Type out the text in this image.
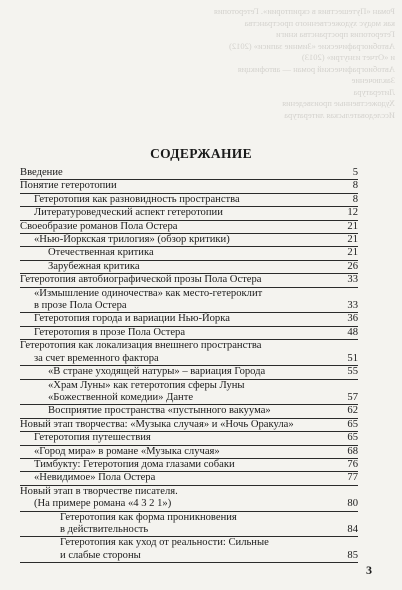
Роман «Путешествия в скриптории». Гетеротопия
как модус художественного пространства
Гетеротопия пространства книги
Автобиографические «Зимние записи» (2012)
и «Отчет изнутри» (2013)
Автобиографический роман — автофикция
Заключение
Литература
Художественные произведения
Исследовательская литература
СОДЕРЖАНИЕ
Введение	5
Понятие гетеротопии	8
Гетеротопия как разновидность пространства	8
Литературоведческий аспект гетеротопии	12
Своеобразие романов Пола Остера	21
«Нью-Йоркская трилогия» (обзор критики)	21
Отечественная критика	21
Зарубежная критика	26
Гетеротопия автобиографической прозы Пола Остера	33
«Измышление одиночества» как место-гетероклит
в прозе Пола Остера	33
Гетеротопия города и вариации Нью-Йорка	36
Гетеротопия в прозе Пола Остера	48
Гетеротопия как локализация внешнего пространства
за счет временно́го фактора	51
«В стране уходящей натуры» – вариация Города	55
«Храм Луны» как гетеротопия сферы Луны
«Божественной комедии» Данте	57
Восприятие пространства «пустынного вакуума»	62
Новый этап творчества: «Музыка случая» и «Ночь Оракула»	65
Гетеротопия путешествия	65
«Город мира» в романе «Музыка случая»	68
Тимбукту: Гетеротопия дома глазами собаки	76
«Невидимое» Пола Остера	77
Новый этап в творчестве писателя.
(На примере романа «4 3 2 1»)	80
Гетеротопия как форма проникновения
в действительность	84
Гетеротопия как уход от реальности: Сильные
и слабые стороны	85
3
